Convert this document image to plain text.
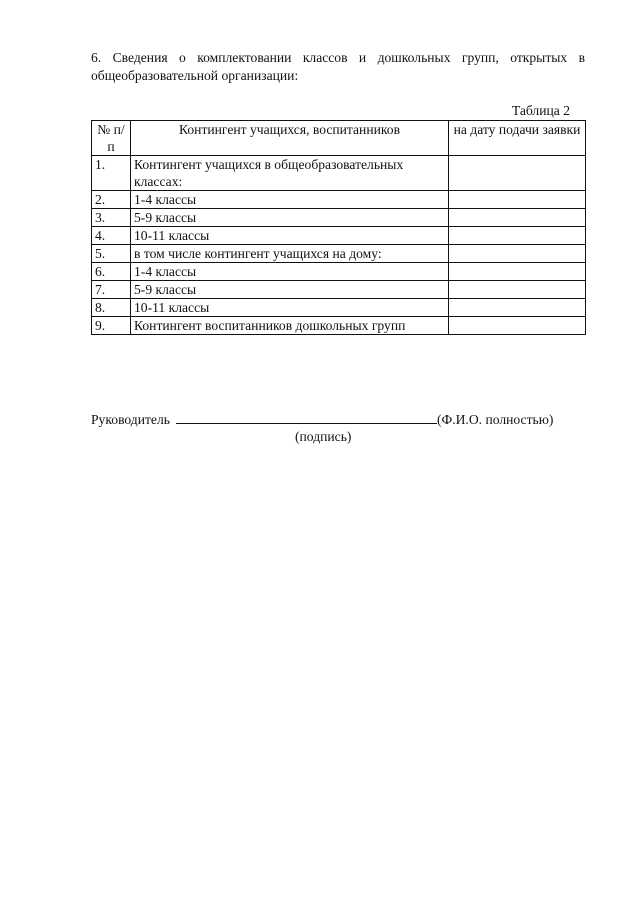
6. Сведения о комплектовании классов и дошкольных групп, открытых в общеобразовательной организации:

Таблица 2
№ п/п	Контингент учащихся, воспитанников	на дату подачи заявки
1.	Контингент учащихся в общеобразовательных классах:	
2.	1-4 классы	
3.	5-9 классы	
4.	10-11 классы	
5.	в том числе контингент учащихся на дому:	
6.	1-4 классы	
7.	5-9 классы	
8.	10-11 классы	
9.	Контингент воспитанников дошкольных групп	
Руководитель	(Ф.И.О. полностью)
(подпись)
